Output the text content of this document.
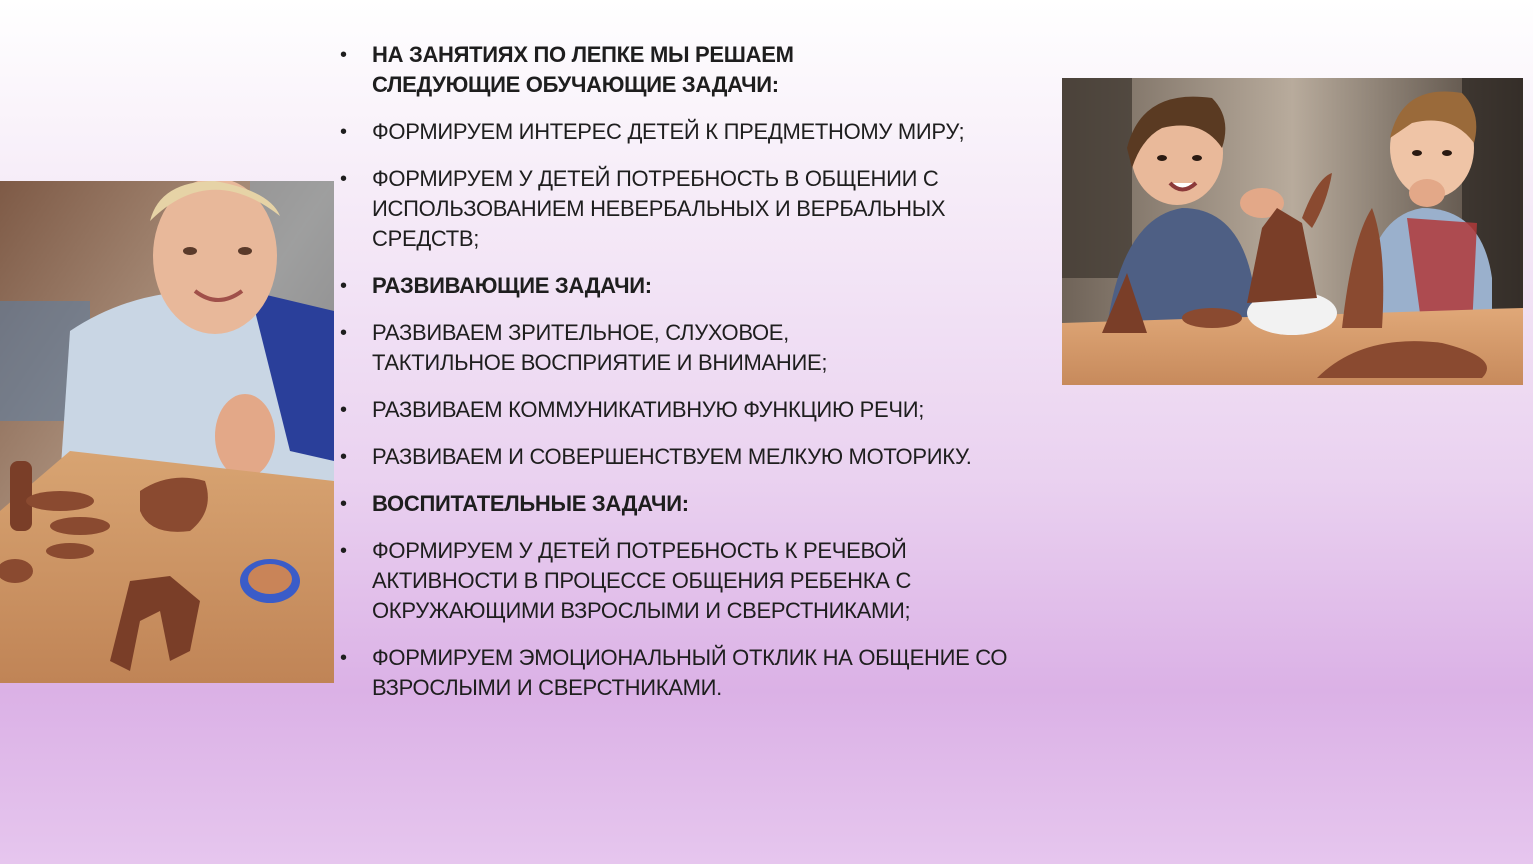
• НА ЗАНЯТИЯХ ПО ЛЕПКЕ МЫ РЕШАЕМ
СЛЕДУЮЩИЕ ОБУЧАЮЩИЕ ЗАДАЧИ:
• ФОРМИРУЕМ ИНТЕРЕС ДЕТЕЙ К ПРЕДМЕТНОМУ МИРУ;
• ФОРМИРУЕМ У ДЕТЕЙ ПОТРЕБНОСТЬ В ОБЩЕНИИ С
ИСПОЛЬЗОВАНИЕМ НЕВЕРБАЛЬНЫХ И ВЕРБАЛЬНЫХ
СРЕДСТВ;
• РАЗВИВАЮЩИЕ ЗАДАЧИ:
• РАЗВИВАЕМ ЗРИТЕЛЬНОЕ, СЛУХОВОЕ,
ТАКТИЛЬНОЕ ВОСПРИЯТИЕ И ВНИМАНИЕ;
• РАЗВИВАЕМ КОММУНИКАТИВНУЮ ФУНКЦИЮ РЕЧИ;
• РАЗВИВАЕМ И СОВЕРШЕНСТВУЕМ МЕЛКУЮ МОТОРИКУ.
• ВОСПИТАТЕЛЬНЫЕ ЗАДАЧИ:
• ФОРМИРУЕМ У ДЕТЕЙ ПОТРЕБНОСТЬ К РЕЧЕВОЙ
АКТИВНОСТИ В ПРОЦЕССЕ ОБЩЕНИЯ РЕБЕНКА С
ОКРУЖАЮЩИМИ ВЗРОСЛЫМИ И СВЕРСТНИКАМИ;
• ФОРМИРУЕМ ЭМОЦИОНАЛЬНЫЙ ОТКЛИК НА ОБЩЕНИЕ СО
ВЗРОСЛЫМИ И СВЕРСТНИКАМИ.
